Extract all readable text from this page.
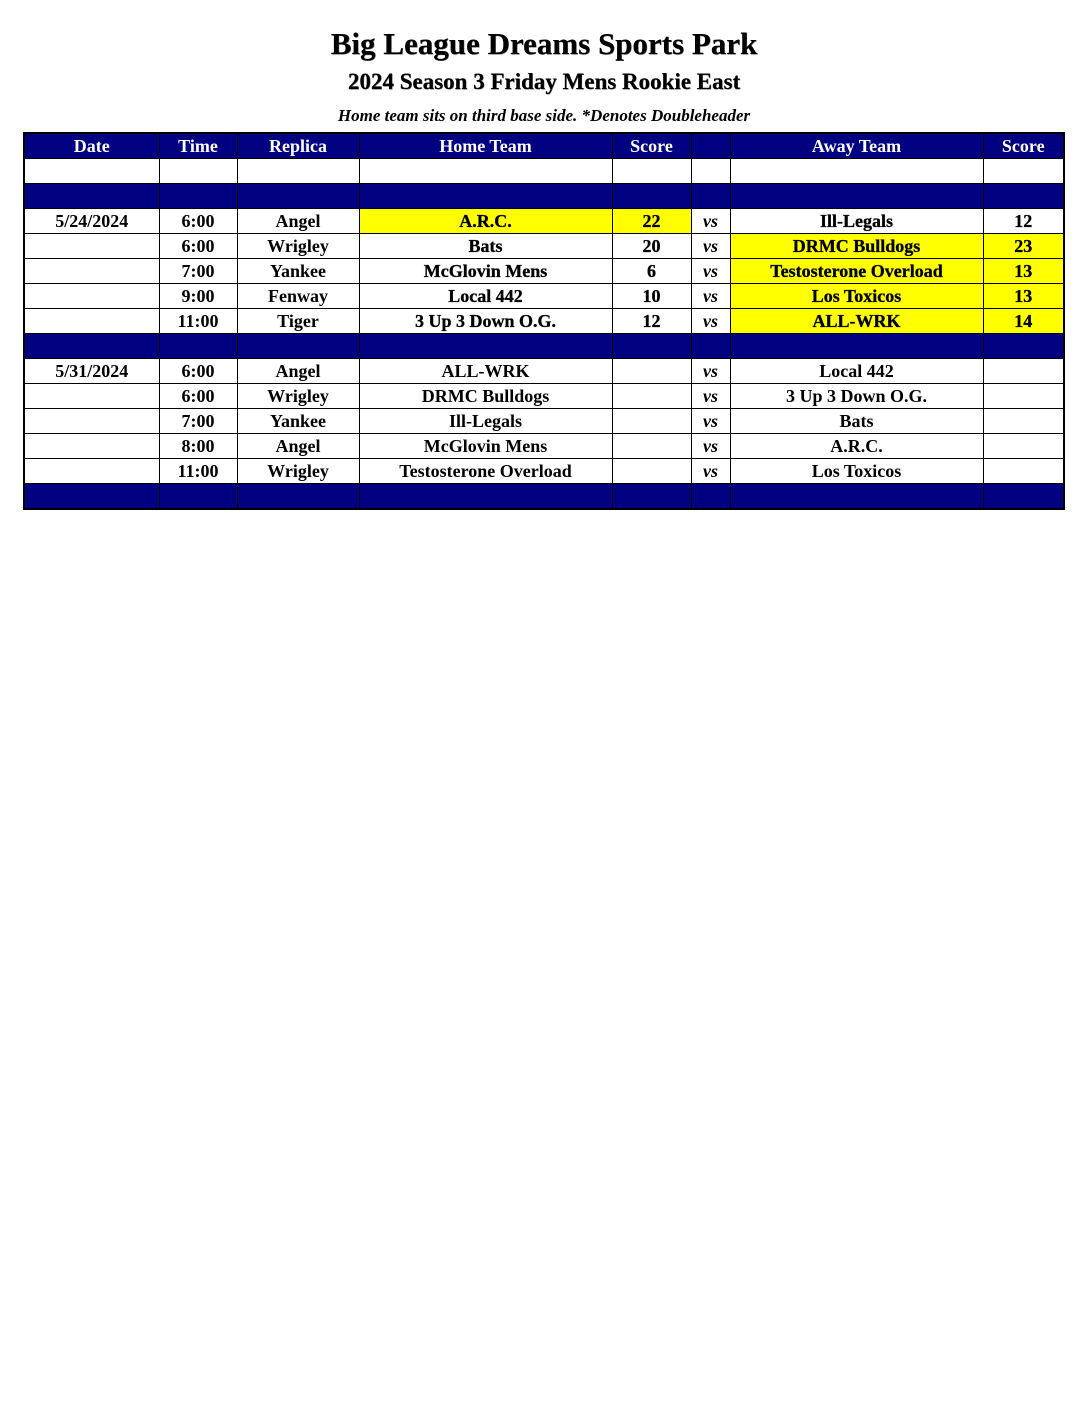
Big League Dreams Sports Park
2024 Season 3 Friday Mens Rookie East
Home team sits on third base side. *Denotes Doubleheader
Date	Time	Replica	Home Team	Score		Away Team	Score

5/24/2024	6:00	Angel	A.R.C.	22	vs	Ill-Legals	12
	6:00	Wrigley	Bats	20	vs	DRMC Bulldogs	23
	7:00	Yankee	McGlovin Mens	6	vs	Testosterone Overload	13
	9:00	Fenway	Local 442	10	vs	Los Toxicos	13
	11:00	Tiger	3 Up 3 Down O.G.	12	vs	ALL-WRK	14

5/31/2024	6:00	Angel	ALL-WRK		vs	Local 442	
	6:00	Wrigley	DRMC Bulldogs		vs	3 Up 3 Down O.G.	
	7:00	Yankee	Ill-Legals		vs	Bats	
	8:00	Angel	McGlovin Mens		vs	A.R.C.	
	11:00	Wrigley	Testosterone Overload		vs	Los Toxicos	
